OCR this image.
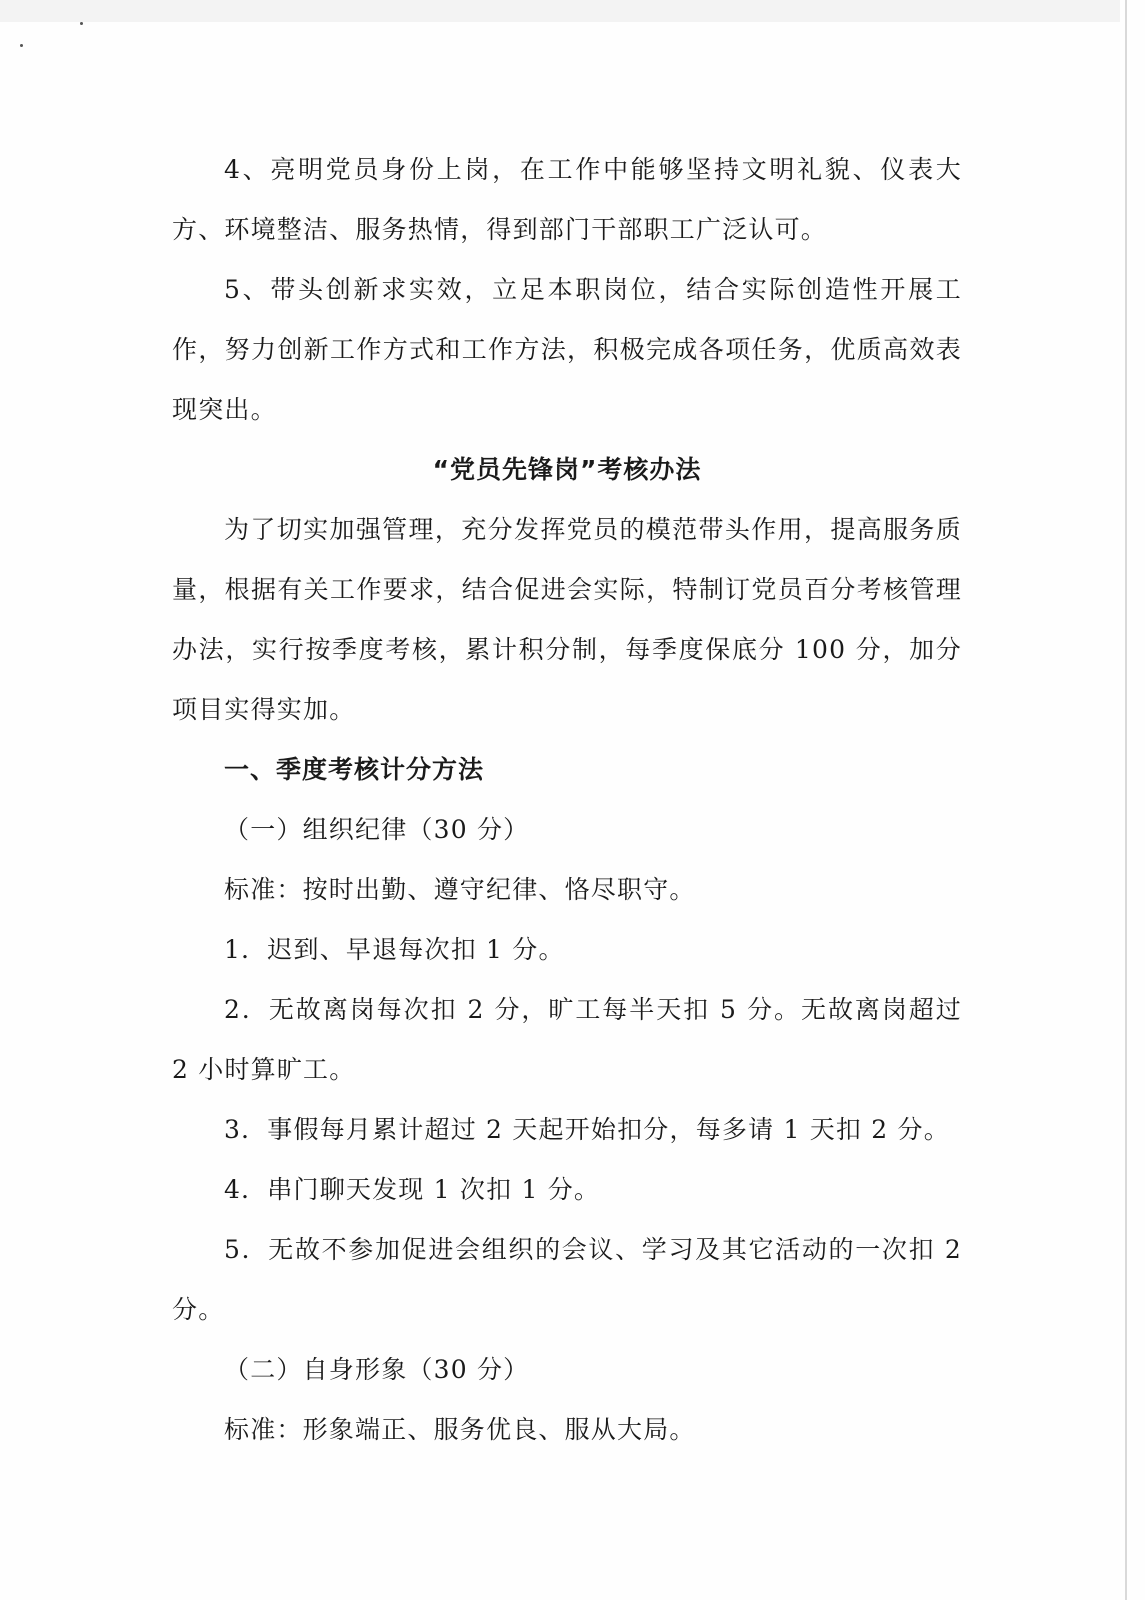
4、亮明党员身份上岗，在工作中能够坚持文明礼貌、仪表大方、环境整洁、服务热情，得到部门干部职工广泛认可。

5、带头创新求实效，立足本职岗位，结合实际创造性开展工作，努力创新工作方式和工作方法，积极完成各项任务，优质高效表现突出。

“党员先锋岗”考核办法

为了切实加强管理，充分发挥党员的模范带头作用，提高服务质量，根据有关工作要求，结合促进会实际，特制订党员百分考核管理办法，实行按季度考核，累计积分制，每季度保底分 100 分，加分项目实得实加。

一、季度考核计分方法

（一）组织纪律（30 分）

标准：按时出勤、遵守纪律、恪尽职守。

1．迟到、早退每次扣 1 分。

2．无故离岗每次扣 2 分，旷工每半天扣 5 分。无故离岗超过 2 小时算旷工。

3．事假每月累计超过 2 天起开始扣分，每多请 1 天扣 2 分。

4．串门聊天发现 1 次扣 1 分。

5．无故不参加促进会组织的会议、学习及其它活动的一次扣 2 分。

（二）自身形象（30 分）

标准：形象端正、服务优良、服从大局。
